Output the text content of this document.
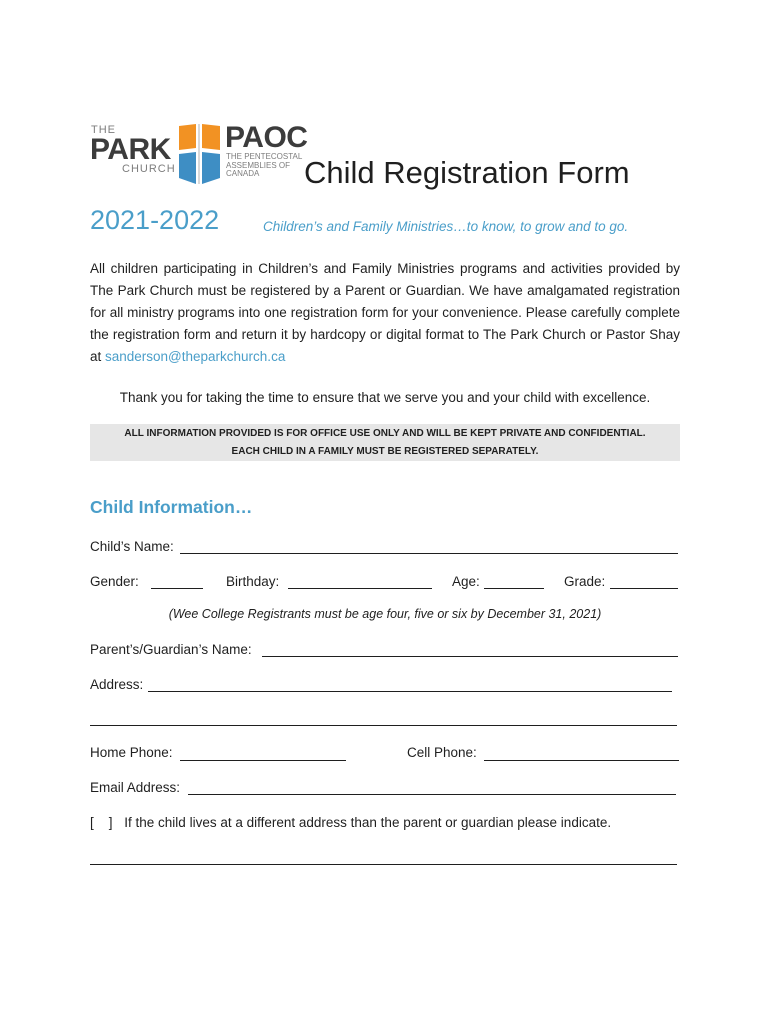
THE
PARK
CHURCH
PAOC
THE PENTECOSTAL ASSEMBLIES OF CANADA	Child Registration Form
2021-2022	Children’s and Family Ministries…to know, to grow and to go.
All children participating in Children’s and Family Ministries programs and activities provided by The Park Church must be registered by a Parent or Guardian. We have amalgamated registration for all ministry programs into one registration form for your convenience. Please carefully complete the registration form and return it by hardcopy or digital format to The Park Church or Pastor Shay at sanderson@theparkchurch.ca
Thank you for taking the time to ensure that we serve you and your child with excellence.
ALL INFORMATION PROVIDED IS FOR OFFICE USE ONLY AND WILL BE KEPT PRIVATE AND CONFIDENTIAL.
EACH CHILD IN A FAMILY MUST BE REGISTERED SEPARATELY.
Child Information…
Child’s Name:
Gender:	Birthday:	Age:	Grade:
(Wee College Registrants must be age four, five or six by December 31, 2021)
Parent’s/Guardian’s Name:
Address:
Home Phone:	Cell Phone:
Email Address:
[    ] If the child lives at a different address than the parent or guardian please indicate.
